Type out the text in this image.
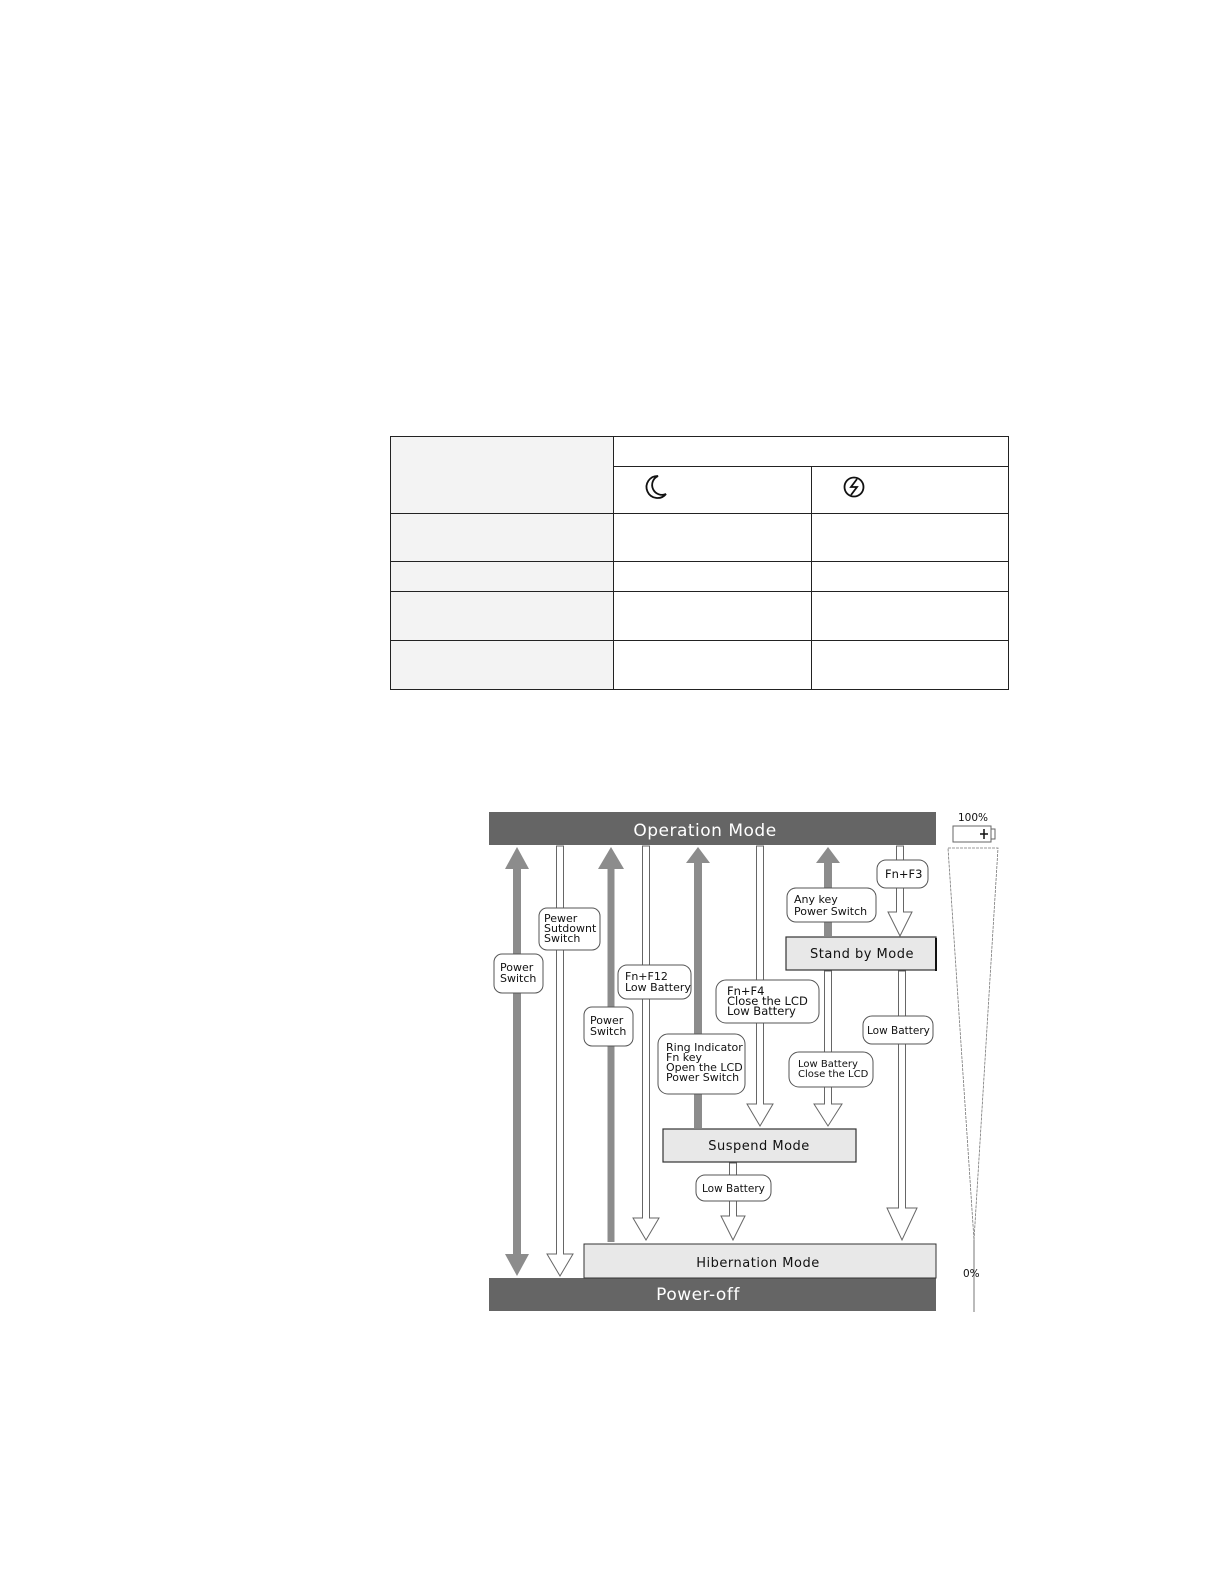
Operation Mode
Power-off
Hibernation Mode
Suspend Mode
Stand by Mode
Power Switch
Pewer Sutdownt Switch
Power Switch
Fn+F12 Low Battery
Ring Indicator Fn key Open the LCD Power Switch
Fn+F4 Close the LCD Low Battery
Any key Power Switch
Fn+F3
Low Battery Close the LCD
Low Battery
Low Battery
100%
0%
